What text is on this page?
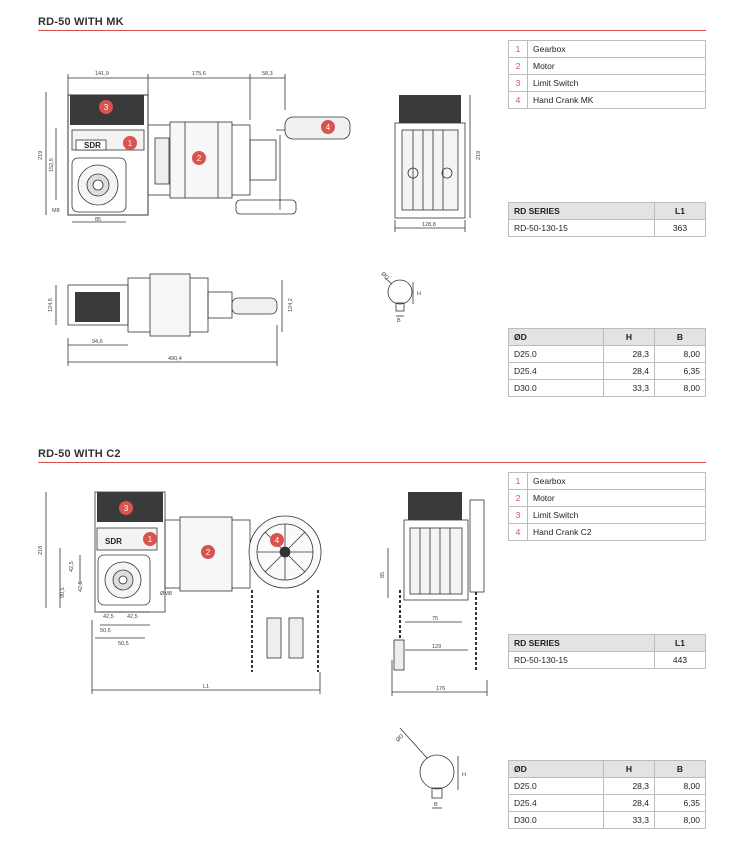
RD-50 WITH MK
141,9	175,6	58,3
219
152,5
M8
85
128,8
219
124,6	124,2
94,6
490,4
ØD
H
B
218
42,5
42,5
90,5
42,5 42,5
50,5
50,5
ØM8
L1
85
75
129
176
ØD
H
B
SDR
SDR
1
2
3
4
1
2
3
4
1	Gearbox
2	Motor
3	Limit Switch
4	Hand Crank MK
RD SERIES	L1
RD-50-130-15	363
ØD	H	B
D25.0	28,3	8,00
D25.4	28,4	6,35
D30.0	33,3	8,00
RD-50 WITH C2
1	Gearbox
2	Motor
3	Limit Switch
4	Hand Crank C2
RD SERIES	L1
RD-50-130-15	443
ØD	H	B
D25.0	28,3	8,00
D25.4	28,4	6,35
D30.0	33,3	8,00
